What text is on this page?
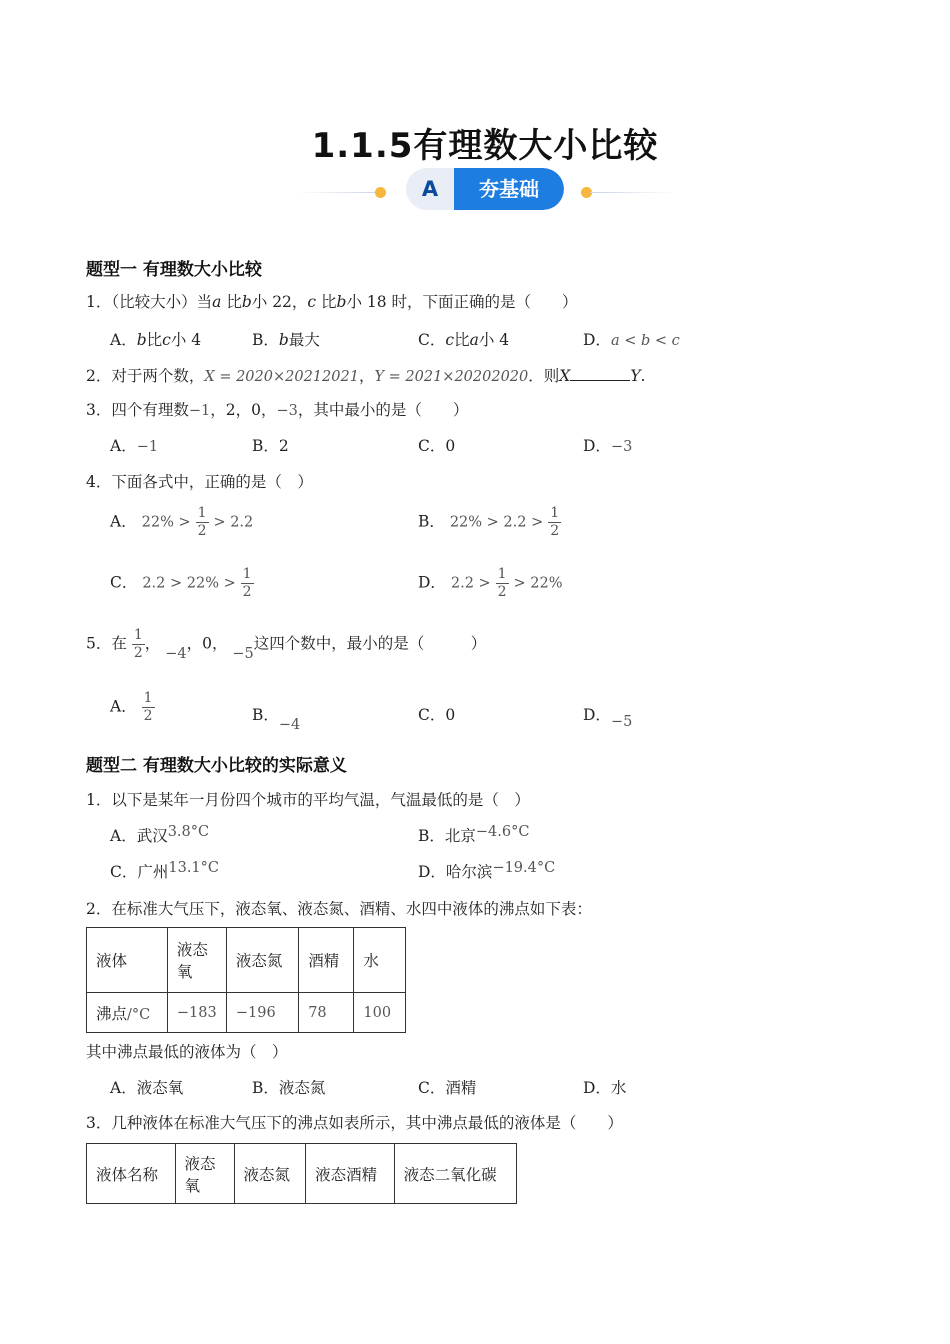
1.1.5有理数大小比较
A	夯基础
题型一 有理数大小比较
1．（比较大小）当a 比b小 22，c 比b小 18 时，下面正确的是（　　）
A．b比c小 4	B．b最大	C．c比a小 4	D．a < b < c
2．对于两个数，X = 2020×20212021，Y = 2021×20202020．则X	Y.
3．四个有理数−1，2，0，−3，其中最小的是（　　）
A．−1	B．2	C．0	D．−3
4．下面各式中，正确的是（　）
A． $22\% > \frac{1}{2} > 2.2$	B． $22\% > 2.2 > \frac{1}{2}$
C． $2.2 > 22\% > \frac{1}{2}$	D． $2.2 > \frac{1}{2} > 22\%$
5．在 $\frac{1}{2}$ ， −4，0， −5这四个数中，最小的是（　　　）
A． $\frac{1}{2}$	B．−4
C．0	D．−5
题型二 有理数大小比较的实际意义
1．以下是某年一月份四个城市的平均气温，气温最低的是（　）
A．武汉3.8°C	B．北京−4.6°C
C．广州13.1°C	D．哈尔滨−19.4°C
2．在标准大气压下，液态氧、液态氮、酒精、水四中液体的沸点如下表：
液体	液态氧	液态氮	酒精	水
沸点/°C	−183	−196	78	100
其中沸点最低的液体为（　）
A．液态氧	B．液态氮	C．酒精	D．水
3．几种液体在标准大气压下的沸点如表所示，其中沸点最低的液体是（　　）
液体名称	液态氧	液态氮	液态酒精	液态二氧化碳
